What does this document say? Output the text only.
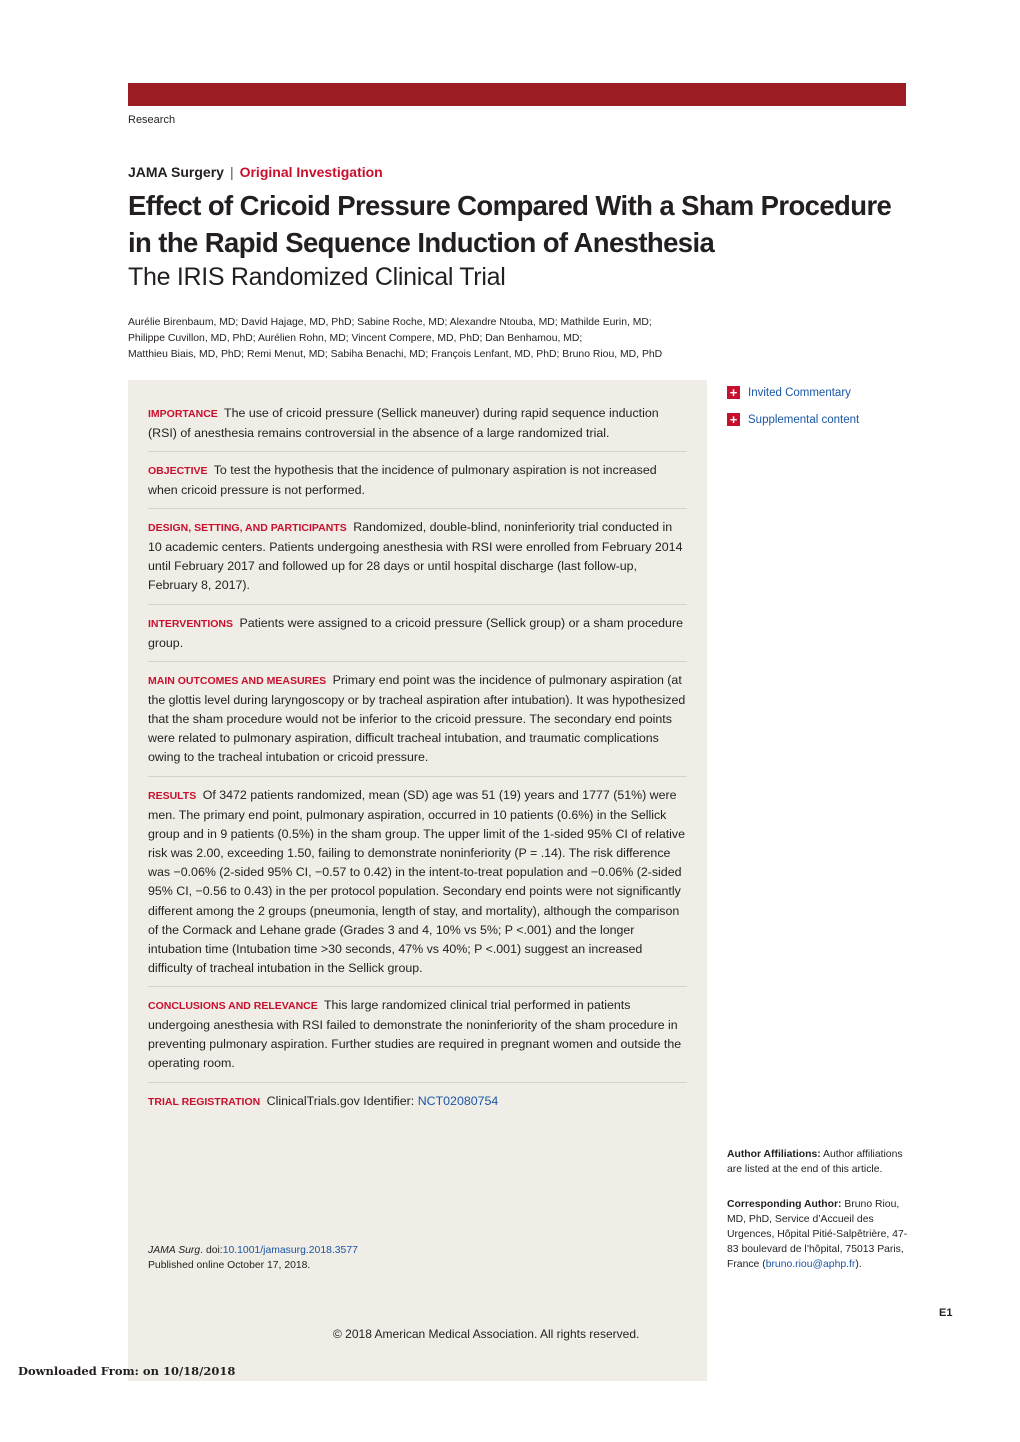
Research
JAMA Surgery | Original Investigation
Effect of Cricoid Pressure Compared With a Sham Procedure in the Rapid Sequence Induction of Anesthesia
The IRIS Randomized Clinical Trial
Aurélie Birenbaum, MD; David Hajage, MD, PhD; Sabine Roche, MD; Alexandre Ntouba, MD; Mathilde Eurin, MD;
Philippe Cuvillon, MD, PhD; Aurélien Rohn, MD; Vincent Compere, MD, PhD; Dan Benhamou, MD;
Matthieu Biais, MD, PhD; Remi Menut, MD; Sabiha Benachi, MD; François Lenfant, MD, PhD; Bruno Riou, MD, PhD
IMPORTANCE The use of cricoid pressure (Sellick maneuver) during rapid sequence induction (RSI) of anesthesia remains controversial in the absence of a large randomized trial.
OBJECTIVE To test the hypothesis that the incidence of pulmonary aspiration is not increased when cricoid pressure is not performed.
DESIGN, SETTING, AND PARTICIPANTS Randomized, double-blind, noninferiority trial conducted in 10 academic centers. Patients undergoing anesthesia with RSI were enrolled from February 2014 until February 2017 and followed up for 28 days or until hospital discharge (last follow-up, February 8, 2017).
INTERVENTIONS Patients were assigned to a cricoid pressure (Sellick group) or a sham procedure group.
MAIN OUTCOMES AND MEASURES Primary end point was the incidence of pulmonary aspiration (at the glottis level during laryngoscopy or by tracheal aspiration after intubation). It was hypothesized that the sham procedure would not be inferior to the cricoid pressure. The secondary end points were related to pulmonary aspiration, difficult tracheal intubation, and traumatic complications owing to the tracheal intubation or cricoid pressure.
RESULTS Of 3472 patients randomized, mean (SD) age was 51 (19) years and 1777 (51%) were men. The primary end point, pulmonary aspiration, occurred in 10 patients (0.6%) in the Sellick group and in 9 patients (0.5%) in the sham group. The upper limit of the 1-sided 95% CI of relative risk was 2.00, exceeding 1.50, failing to demonstrate noninferiority (P = .14). The risk difference was −0.06% (2-sided 95% CI, −0.57 to 0.42) in the intent-to-treat population and −0.06% (2-sided 95% CI, −0.56 to 0.43) in the per protocol population. Secondary end points were not significantly different among the 2 groups (pneumonia, length of stay, and mortality), although the comparison of the Cormack and Lehane grade (Grades 3 and 4, 10% vs 5%; P <.001) and the longer intubation time (Intubation time >30 seconds, 47% vs 40%; P <.001) suggest an increased difficulty of tracheal intubation in the Sellick group.
CONCLUSIONS AND RELEVANCE This large randomized clinical trial performed in patients undergoing anesthesia with RSI failed to demonstrate the noninferiority of the sham procedure in preventing pulmonary aspiration. Further studies are required in pregnant women and outside the operating room.
TRIAL REGISTRATION ClinicalTrials.gov Identifier: NCT02080754
+ Invited Commentary
+ Supplemental content
Author Affiliations: Author affiliations are listed at the end of this article.
Corresponding Author: Bruno Riou, MD, PhD, Service d’Accueil des Urgences, Hôpital Pitié-Salpêtrière, 47-83 boulevard de l’hôpital, 75013 Paris, France (bruno.riou@aphp.fr).
JAMA Surg. doi:10.1001/jamasurg.2018.3577
Published online October 17, 2018.
E1
© 2018 American Medical Association. All rights reserved.
Downloaded From: on 10/18/2018
